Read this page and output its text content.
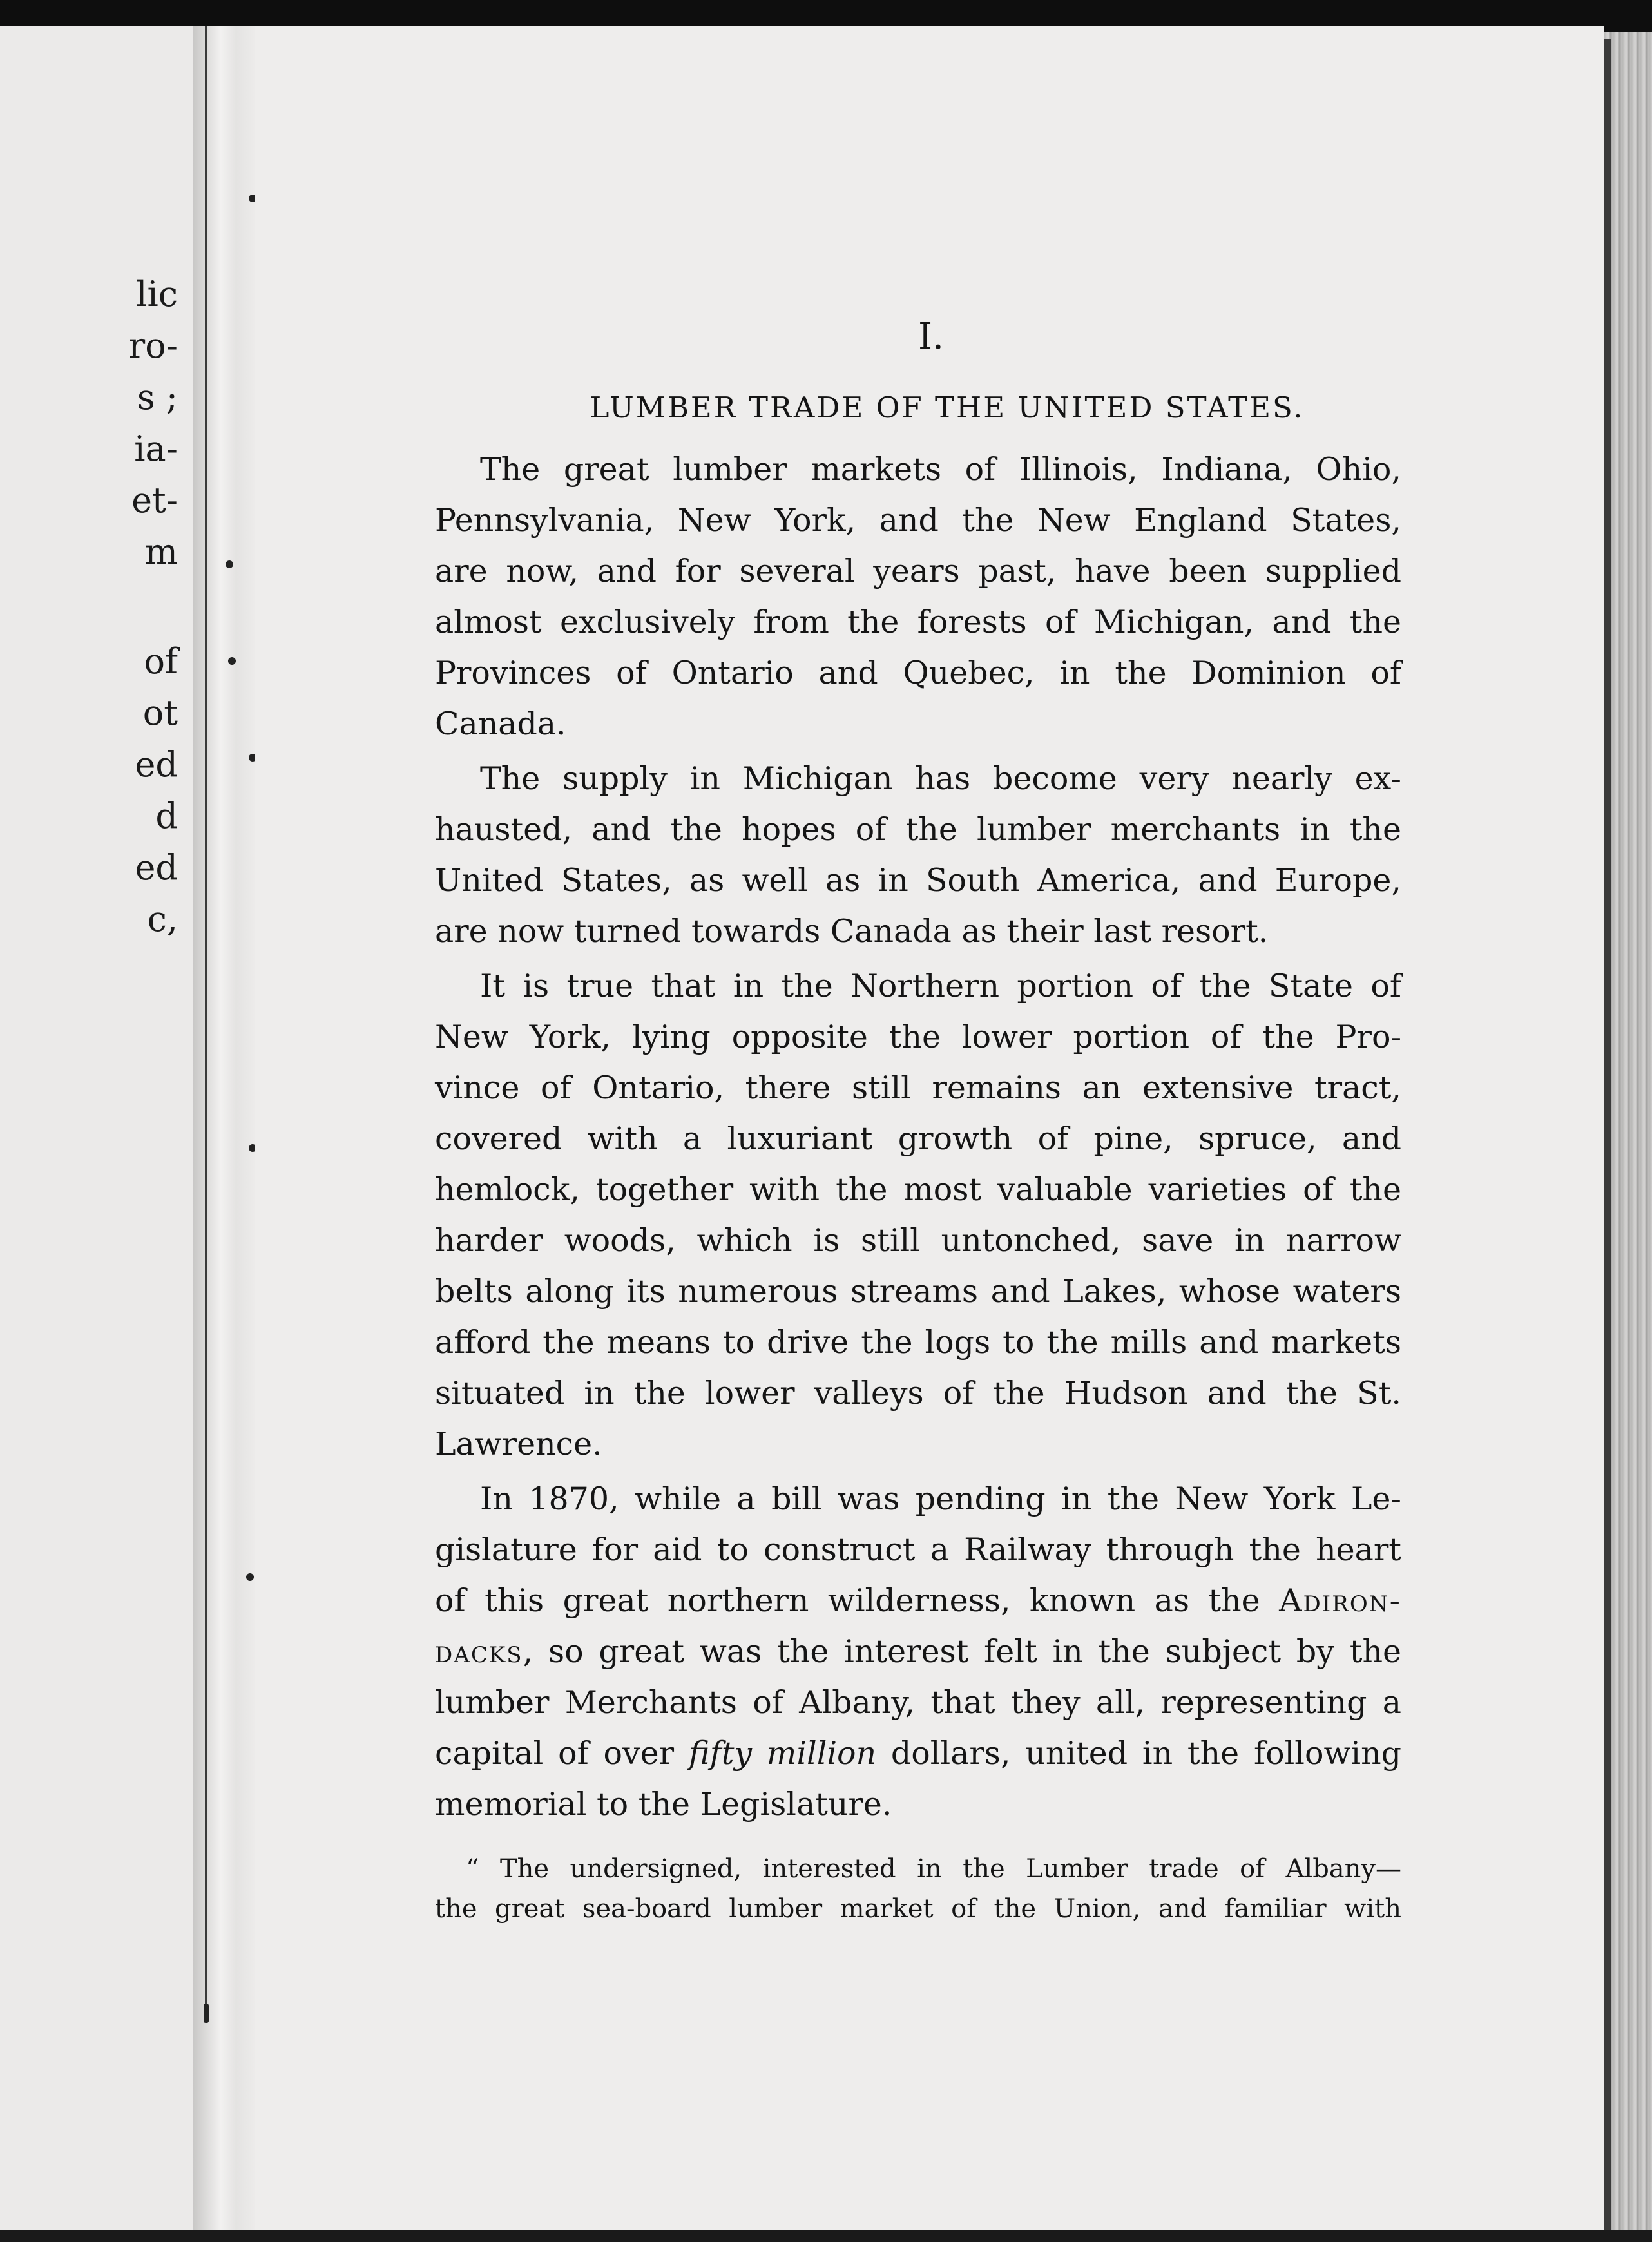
lic

ro-

s ;

ia-

et-

m

of

ot

ed

d

ed

c,

I.

LUMBER TRADE OF THE UNITED STATES.
The great lumber markets of Illinois, Indiana, Ohio,
Pennsylvania, New York, and the New England States,
are now, and for several years past, have been supplied
almost exclusively from the forests of Michigan, and the
Provinces of Ontario and Quebec, in the Dominion of
Canada.
The supply in Michigan has become very nearly ex-
hausted, and the hopes of the lumber merchants in the
United States, as well as in South America, and Europe,
are now turned towards Canada as their last resort.
It is true that in the Northern portion of the State of
New York, lying opposite the lower portion of the Pro-
vince of Ontario, there still remains an extensive tract,
covered with a luxuriant growth of pine, spruce, and
hemlock, together with the most valuable varieties of the
harder woods, which is still untonched, save in narrow
belts along its numerous streams and Lakes, whose waters
afford the means to drive the logs to the mills and markets
situated in the lower valleys of the Hudson and the St.
Lawrence.
In 1870, while a bill was pending in the New York Le-
gislature for aid to construct a Railway through the heart
of this great northern wilderness, known as the Adiron-
dacks, so great was the interest felt in the subject by the
lumber Merchants of Albany, that they all, representing a
capital of over fifty million dollars, united in the following
memorial to the Legislature.
“ The undersigned, interested in the Lumber trade of Albany—
the great sea-board lumber market of the Union, and familiar with
